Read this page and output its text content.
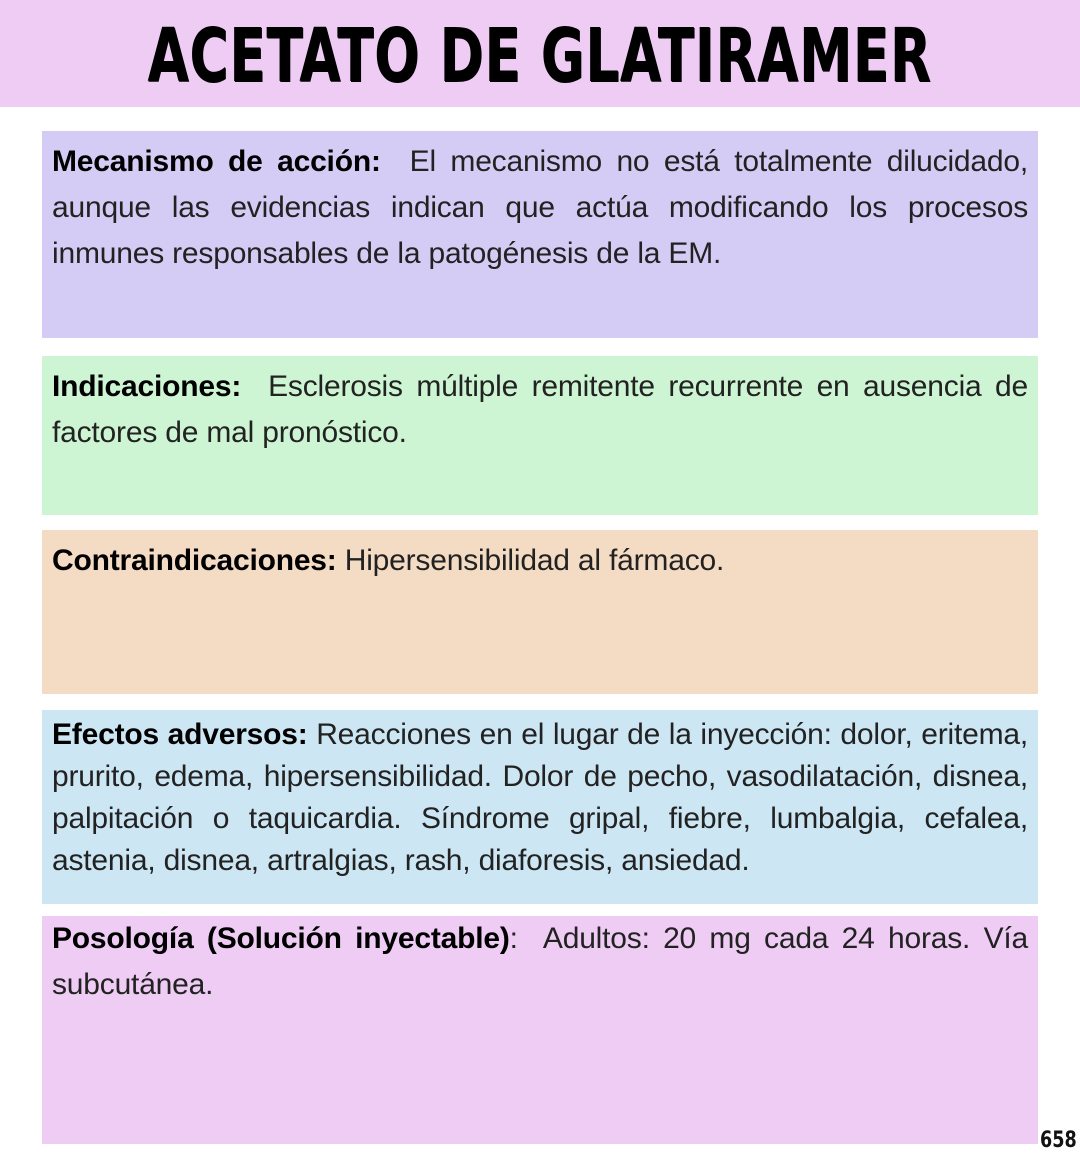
ACETATO DE GLATIRAMER
Mecanismo de acción: El mecanismo no está totalmente dilucidado, aunque las evidencias indican que actúa modificando los procesos inmunes responsables de la patogénesis de la EM.
Indicaciones: Esclerosis múltiple remitente recurrente en ausencia de factores de mal pronóstico.
Contraindicaciones: Hipersensibilidad al fármaco.
Efectos adversos: Reacciones en el lugar de la inyección: dolor, eritema, prurito, edema, hipersensibilidad. Dolor de pecho, vasodilatación, disnea, palpitación o taquicardia. Síndrome gripal, fiebre, lumbalgia, cefalea, astenia, disnea, artralgias, rash, diaforesis, ansiedad.
Posología (Solución inyectable): Adultos: 20 mg cada 24 horas. Vía subcutánea.
658
